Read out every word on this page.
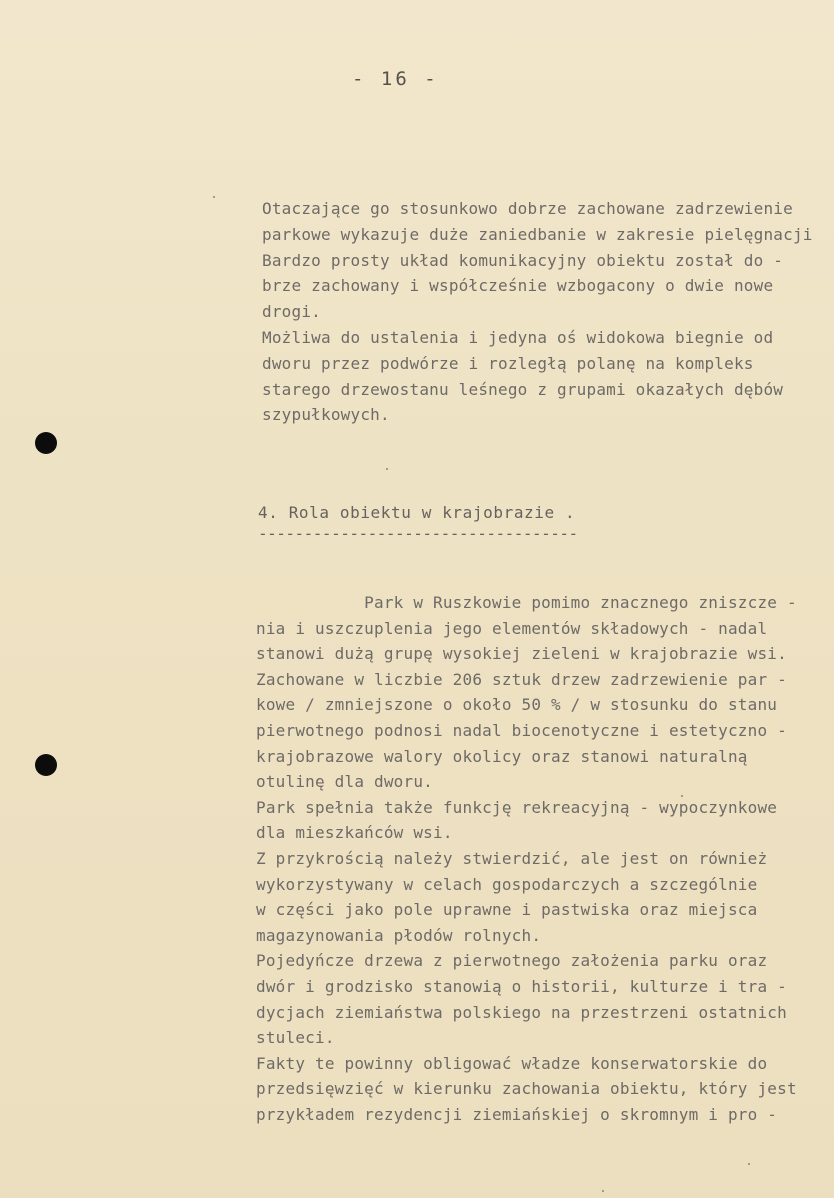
- 16 -
Otaczające go stosunkowo dobrze zachowane zadrzewienie
parkowe wykazuje duże zaniedbanie w zakresie pielęgnacji
Bardzo prosty układ komunikacyjny obiektu został do -
brze zachowany i współcześnie wzbogacony o dwie nowe
drogi.
Możliwa do ustalenia i jedyna oś widokowa biegnie od
dworu przez podwórze i rozległą polanę na kompleks
starego drzewostanu leśnego z grupami okazałych dębów
szypułkowych.
4. Rola obiektu w krajobrazie .
-----------------------------------
Park w Ruszkowie pomimo znacznego zniszcze -
nia i uszczuplenia jego elementów składowych - nadal
stanowi dużą grupę wysokiej zieleni w krajobrazie wsi.
Zachowane w liczbie 206 sztuk drzew zadrzewienie par -
kowe / zmniejszone o około 50 % / w stosunku do stanu
pierwotnego podnosi nadal biocenotyczne i estetyczno -
krajobrazowe walory okolicy oraz stanowi naturalną
otulinę dla dworu.
Park spełnia także funkcję rekreacyjną - wypoczynkowe
dla mieszkańców wsi.
Z przykrością należy stwierdzić, ale jest on również
wykorzystywany w celach gospodarczych a szczególnie
w części jako pole uprawne i pastwiska oraz miejsca
magazynowania płodów rolnych.
Pojedyńcze drzewa z pierwotnego założenia parku oraz
dwór i grodzisko stanowią o historii, kulturze i tra -
dycjach ziemiaństwa polskiego na przestrzeni ostatnich
stuleci.
Fakty te powinny obligować władze konserwatorskie do
przedsięwzięć w kierunku zachowania obiektu, który jest
przykładem rezydencji ziemiańskiej o skromnym i pro -
